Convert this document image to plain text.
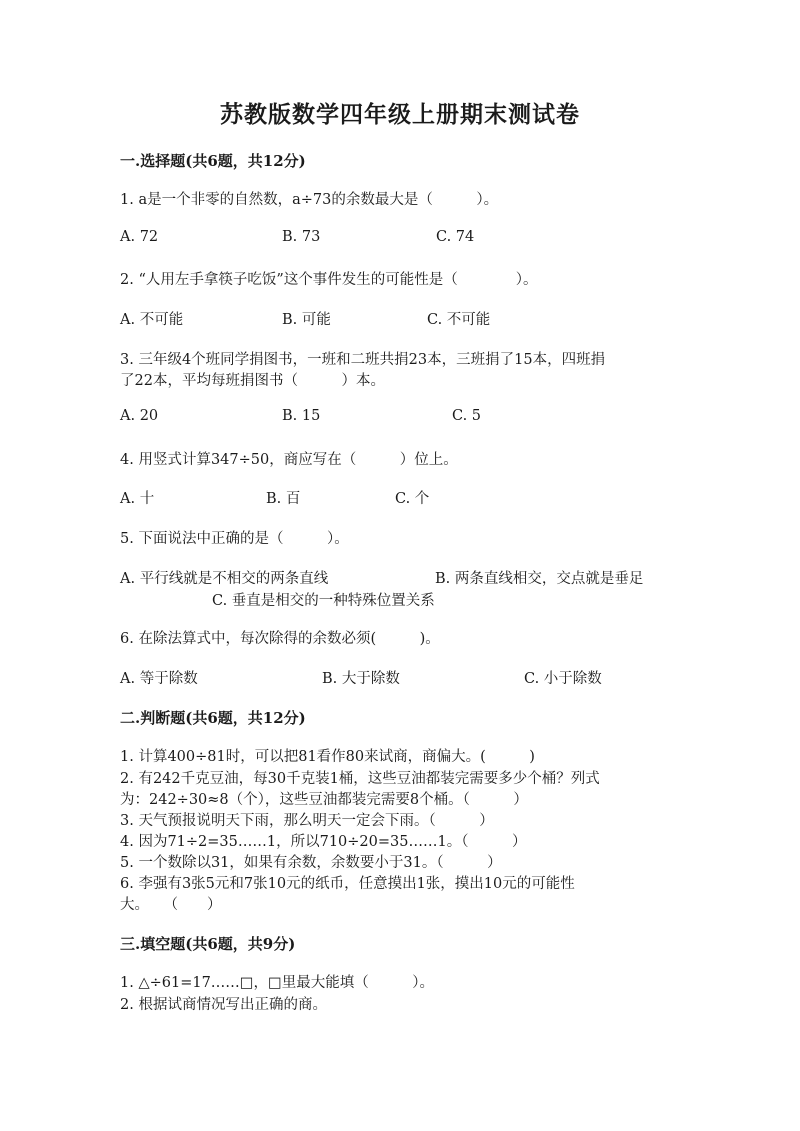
苏教版数学四年级上册期末测试卷
一.选择题(共6题，共12分)
1. a是一个非零的自然数，a÷73的余数最大是（　　　）。
A. 72	B. 73	C. 74
2. “人用左手拿筷子吃饭”这个事件发生的可能性是（　　　　）。
A. 不可能	B. 可能	C. 不可能
3. 三年级4个班同学捐图书，一班和二班共捐23本，三班捐了15本，四班捐
了22本，平均每班捐图书（　　　）本。
A. 20	B. 15	C. 5
4. 用竖式计算347÷50，商应写在（　　　）位上。
A. 十	B. 百	C. 个
5. 下面说法中正确的是（　　　）。
A. 平行线就是不相交的两条直线	B. 两条直线相交，交点就是垂足
C. 垂直是相交的一种特殊位置关系
6. 在除法算式中，每次除得的余数必须(　　　)。
A. 等于除数	B. 大于除数	C. 小于除数
二.判断题(共6题，共12分)
1. 计算400÷81时，可以把81看作80来试商，商偏大。(　　　)
2. 有242千克豆油，每30千克装1桶，这些豆油都装完需要多少个桶？列式
为：242÷30≈8（个），这些豆油都装完需要8个桶。（　　　）
3. 天气预报说明天下雨，那么明天一定会下雨。（　　　）
4. 因为71÷2=35……1，所以710÷20=35……1。（　　　）
5. 一个数除以31，如果有余数，余数要小于31。（　　　）
6. 李强有3张5元和7张10元的纸币，任意摸出1张，摸出10元的可能性
大。　　（　　）
三.填空题(共6题，共9分)
1. △÷61=17……□，□里最大能填（　　　）。
2. 根据试商情况写出正确的商。
